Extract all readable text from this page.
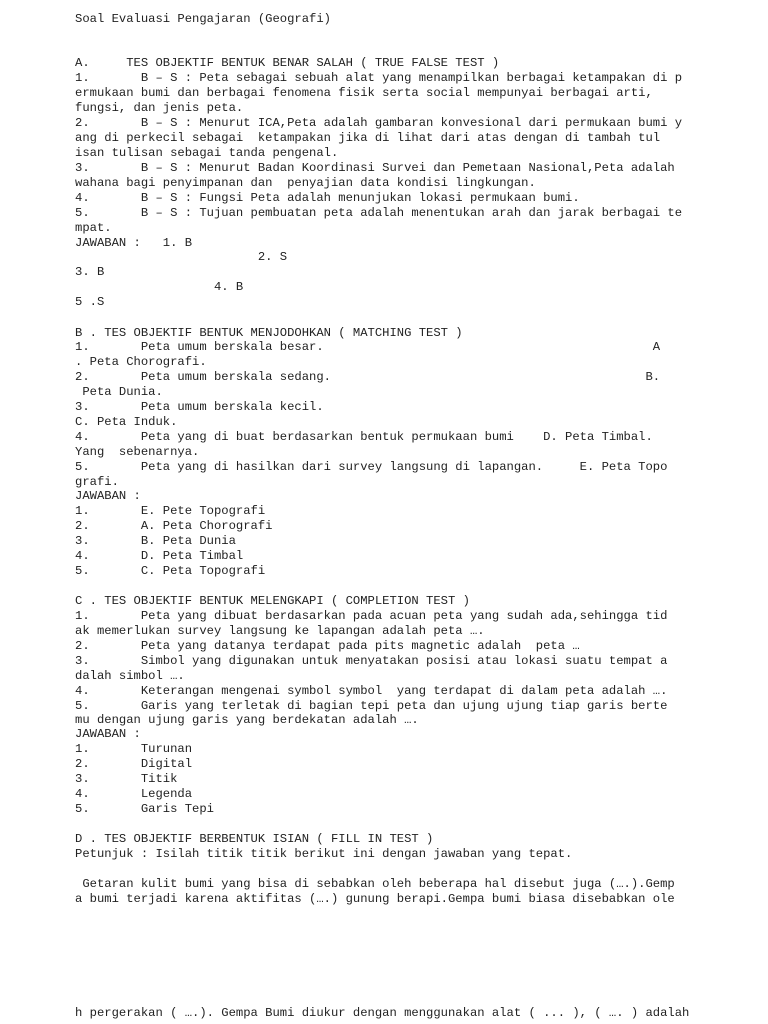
Soal Evaluasi Pengajaran (Geografi)
A.     TES OBJEKTIF BENTUK BENAR SALAH ( TRUE FALSE TEST )
1.       B – S : Peta sebagai sebuah alat yang menampilkan berbagai ketampakan di p
ermukaan bumi dan berbagai fenomena fisik serta social mempunyai berbagai arti,
fungsi, dan jenis peta.
2.       B – S : Menurut ICA,Peta adalah gambaran konvesional dari permukaan bumi y
ang di perkecil sebagai  ketampakan jika di lihat dari atas dengan di tambah tul
isan tulisan sebagai tanda pengenal.
3.       B – S : Menurut Badan Koordinasi Survei dan Pemetaan Nasional,Peta adalah
wahana bagi penyimpanan dan  penyajian data kondisi lingkungan.
4.       B – S : Fungsi Peta adalah menunjukan lokasi permukaan bumi.
5.       B – S : Tujuan pembuatan peta adalah menentukan arah dan jarak berbagai te
mpat.
JAWABAN :   1. B
2. S
3. B
4. B
5 .S
B . TES OBJEKTIF BENTUK MENJODOHKAN ( MATCHING TEST )
1.       Peta umum berskala besar.                                             A
. Peta Chorografi.
2.       Peta umum berskala sedang.                                           B.
Peta Dunia.
3.       Peta umum berskala kecil.
C. Peta Induk.
4.       Peta yang di buat berdasarkan bentuk permukaan bumi    D. Peta Timbal.
Yang  sebenarnya.
5.       Peta yang di hasilkan dari survey langsung di lapangan.     E. Peta Topo
grafi.
JAWABAN :
1.       E. Pete Topografi
2.       A. Peta Chorografi
3.       B. Peta Dunia
4.       D. Peta Timbal
5.       C. Peta Topografi
C . TES OBJEKTIF BENTUK MELENGKAPI ( COMPLETION TEST )
1.       Peta yang dibuat berdasarkan pada acuan peta yang sudah ada,sehingga tid
ak memerlukan survey langsung ke lapangan adalah peta ….
2.       Peta yang datanya terdapat pada pits magnetic adalah  peta …
3.       Simbol yang digunakan untuk menyatakan posisi atau lokasi suatu tempat a
dalah simbol ….
4.       Keterangan mengenai symbol symbol  yang terdapat di dalam peta adalah ….
5.       Garis yang terletak di bagian tepi peta dan ujung ujung tiap garis berte
mu dengan ujung garis yang berdekatan adalah ….
JAWABAN :
1.       Turunan
2.       Digital
3.       Titik
4.       Legenda
5.       Garis Tepi
D . TES OBJEKTIF BERBENTUK ISIAN ( FILL IN TEST )
Petunjuk : Isilah titik titik berikut ini dengan jawaban yang tepat.
Getaran kulit bumi yang bisa di sebabkan oleh beberapa hal disebut juga (….).Gemp
a bumi terjadi karena aktifitas (….) gunung berapi.Gempa bumi biasa disebabkan ole
h pergerakan ( ….). Gempa Bumi diukur dengan menggunakan alat ( ... ), ( …. ) adalah
